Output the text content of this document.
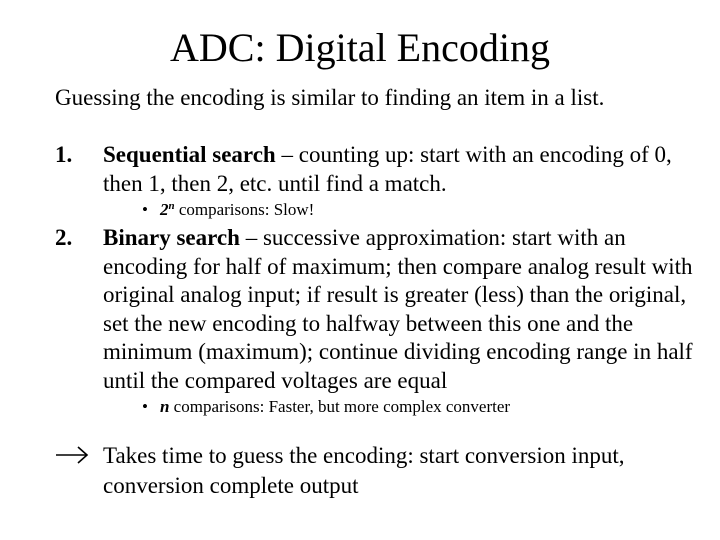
ADC: Digital Encoding
Guessing the encoding is similar to finding an item in a list.
1. Sequential search – counting up: start with an encoding of 0, then 1, then 2, etc. until find a match.
• 2$^n$ comparisons: Slow!
2. Binary search – successive approximation: start with an encoding for half of maximum; then compare analog result with original analog input; if result is greater (less) than the original, set the new encoding to halfway between this one and the minimum (maximum); continue dividing encoding range in half until the compared voltages are equal
• n comparisons: Faster, but more complex converter
Takes time to guess the encoding: start conversion input, conversion complete output
